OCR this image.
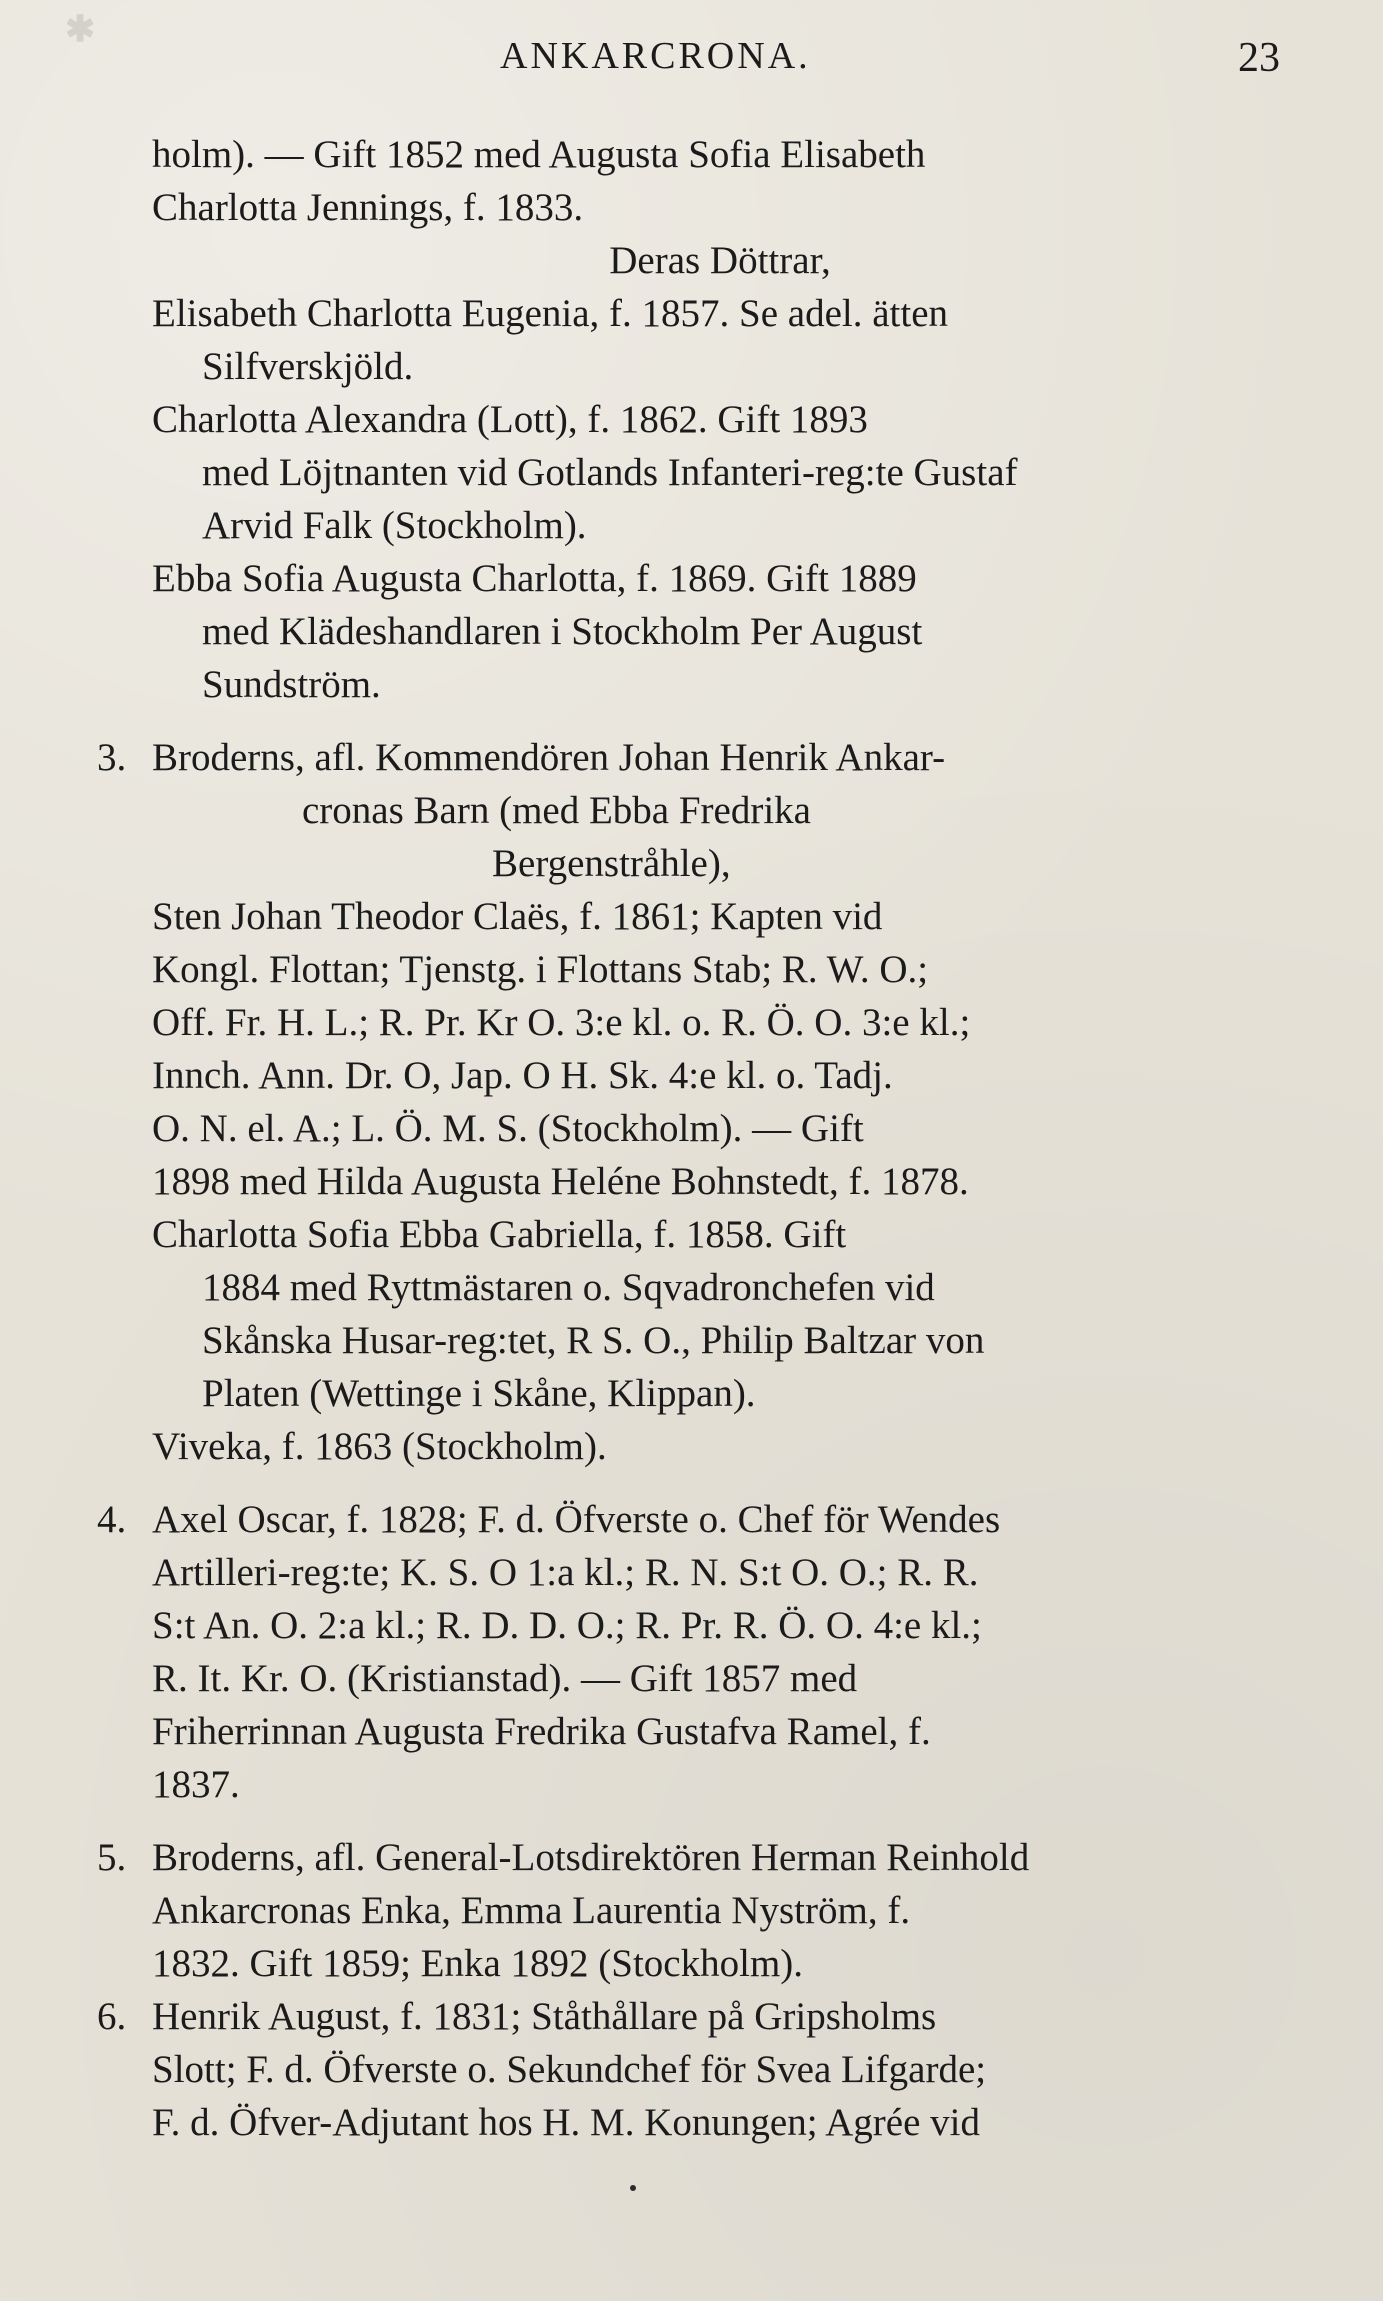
✱
ANKARCRONA.	23

holm). — Gift 1852 med Augusta Sofia Elisabeth

Charlotta Jennings, f. 1833.

Deras Döttrar,

Elisabeth Charlotta Eugenia, f. 1857. Se adel. ätten

Silfverskjöld.

Charlotta Alexandra (Lott), f. 1862. Gift 1893

med Löjtnanten vid Gotlands Infanteri-reg:te Gustaf

Arvid Falk (Stockholm).

Ebba Sofia Augusta Charlotta, f. 1869. Gift 1889

med Klädeshandlaren i Stockholm Per August

Sundström.

3. Broderns, afl. Kommendören Johan Henrik Ankar-

cronas Barn (med Ebba Fredrika

Bergenstråhle),

Sten Johan Theodor Claës, f. 1861; Kapten vid

Kongl. Flottan; Tjenstg. i Flottans Stab; R. W. O.;

Off. Fr. H. L.; R. Pr. Kr O. 3:e kl. o. R. Ö. O. 3:e kl.;

Innch. Ann. Dr. O, Jap. O H. Sk. 4:e kl. o. Tadj.

O. N. el. A.; L. Ö. M. S. (Stockholm). — Gift

1898 med Hilda Augusta Heléne Bohnstedt, f. 1878.

Charlotta Sofia Ebba Gabriella, f. 1858. Gift

1884 med Ryttmästaren o. Sqvadronchefen vid

Skånska Husar-reg:tet, R S. O., Philip Baltzar von

Platen (Wettinge i Skåne, Klippan).

Viveka, f. 1863 (Stockholm).

4. Axel Oscar, f. 1828; F. d. Öfverste o. Chef för Wendes

Artilleri-reg:te; K. S. O 1:a kl.; R. N. S:t O. O.; R. R.

S:t An. O. 2:a kl.; R. D. D. O.; R. Pr. R. Ö. O. 4:e kl.;

R. It. Kr. O. (Kristianstad). — Gift 1857 med

Friherrinnan Augusta Fredrika Gustafva Ramel, f.

1837.

5. Broderns, afl. General-Lotsdirektören Herman Reinhold

Ankarcronas Enka, Emma Laurentia Nyström, f.

1832. Gift 1859; Enka 1892 (Stockholm).

6. Henrik August, f. 1831; Ståthållare på Gripsholms

Slott; F. d. Öfverste o. Sekundchef för Svea Lifgarde;

F. d. Öfver-Adjutant hos H. M. Konungen; Agrée vid
